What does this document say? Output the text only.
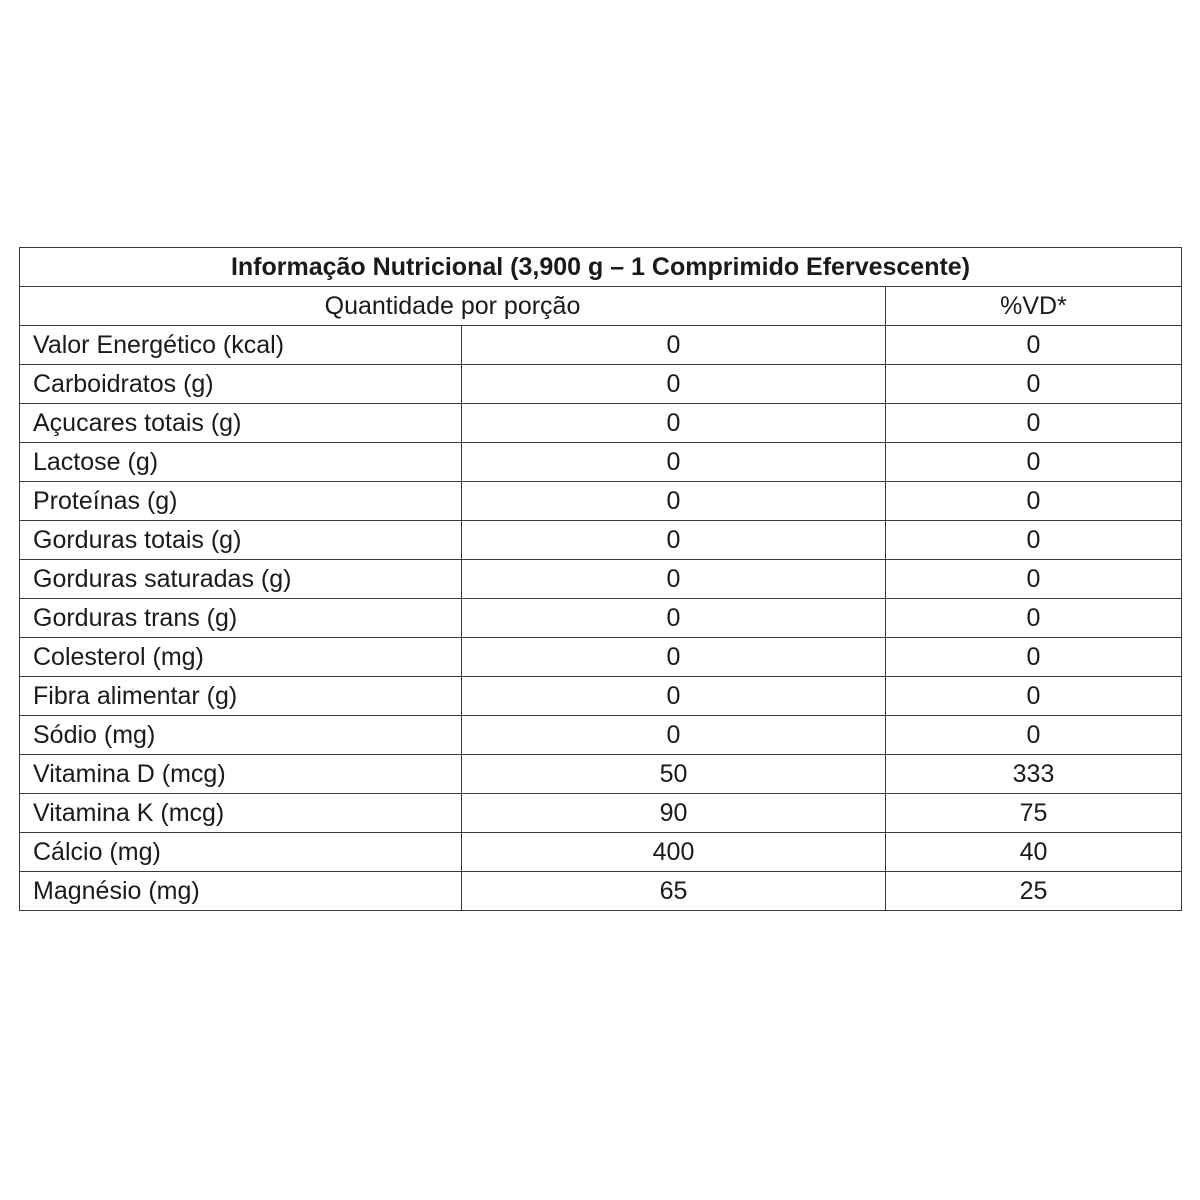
Informação Nutricional (3,900 g – 1 Comprimido Efervescente)		
Quantidade por porção		%VD*
Valor Energético (kcal)	0	0
Carboidratos (g)	0	0
Açucares totais (g)	0	0
Lactose (g)	0	0
Proteínas (g)	0	0
Gorduras totais (g)	0	0
Gorduras saturadas (g)	0	0
Gorduras trans (g)	0	0
Colesterol (mg)	0	0
Fibra alimentar (g)	0	0
Sódio (mg)	0	0
Vitamina D (mcg)	50	333
Vitamina K (mcg)	90	75
Cálcio (mg)	400	40
Magnésio (mg)	65	25
